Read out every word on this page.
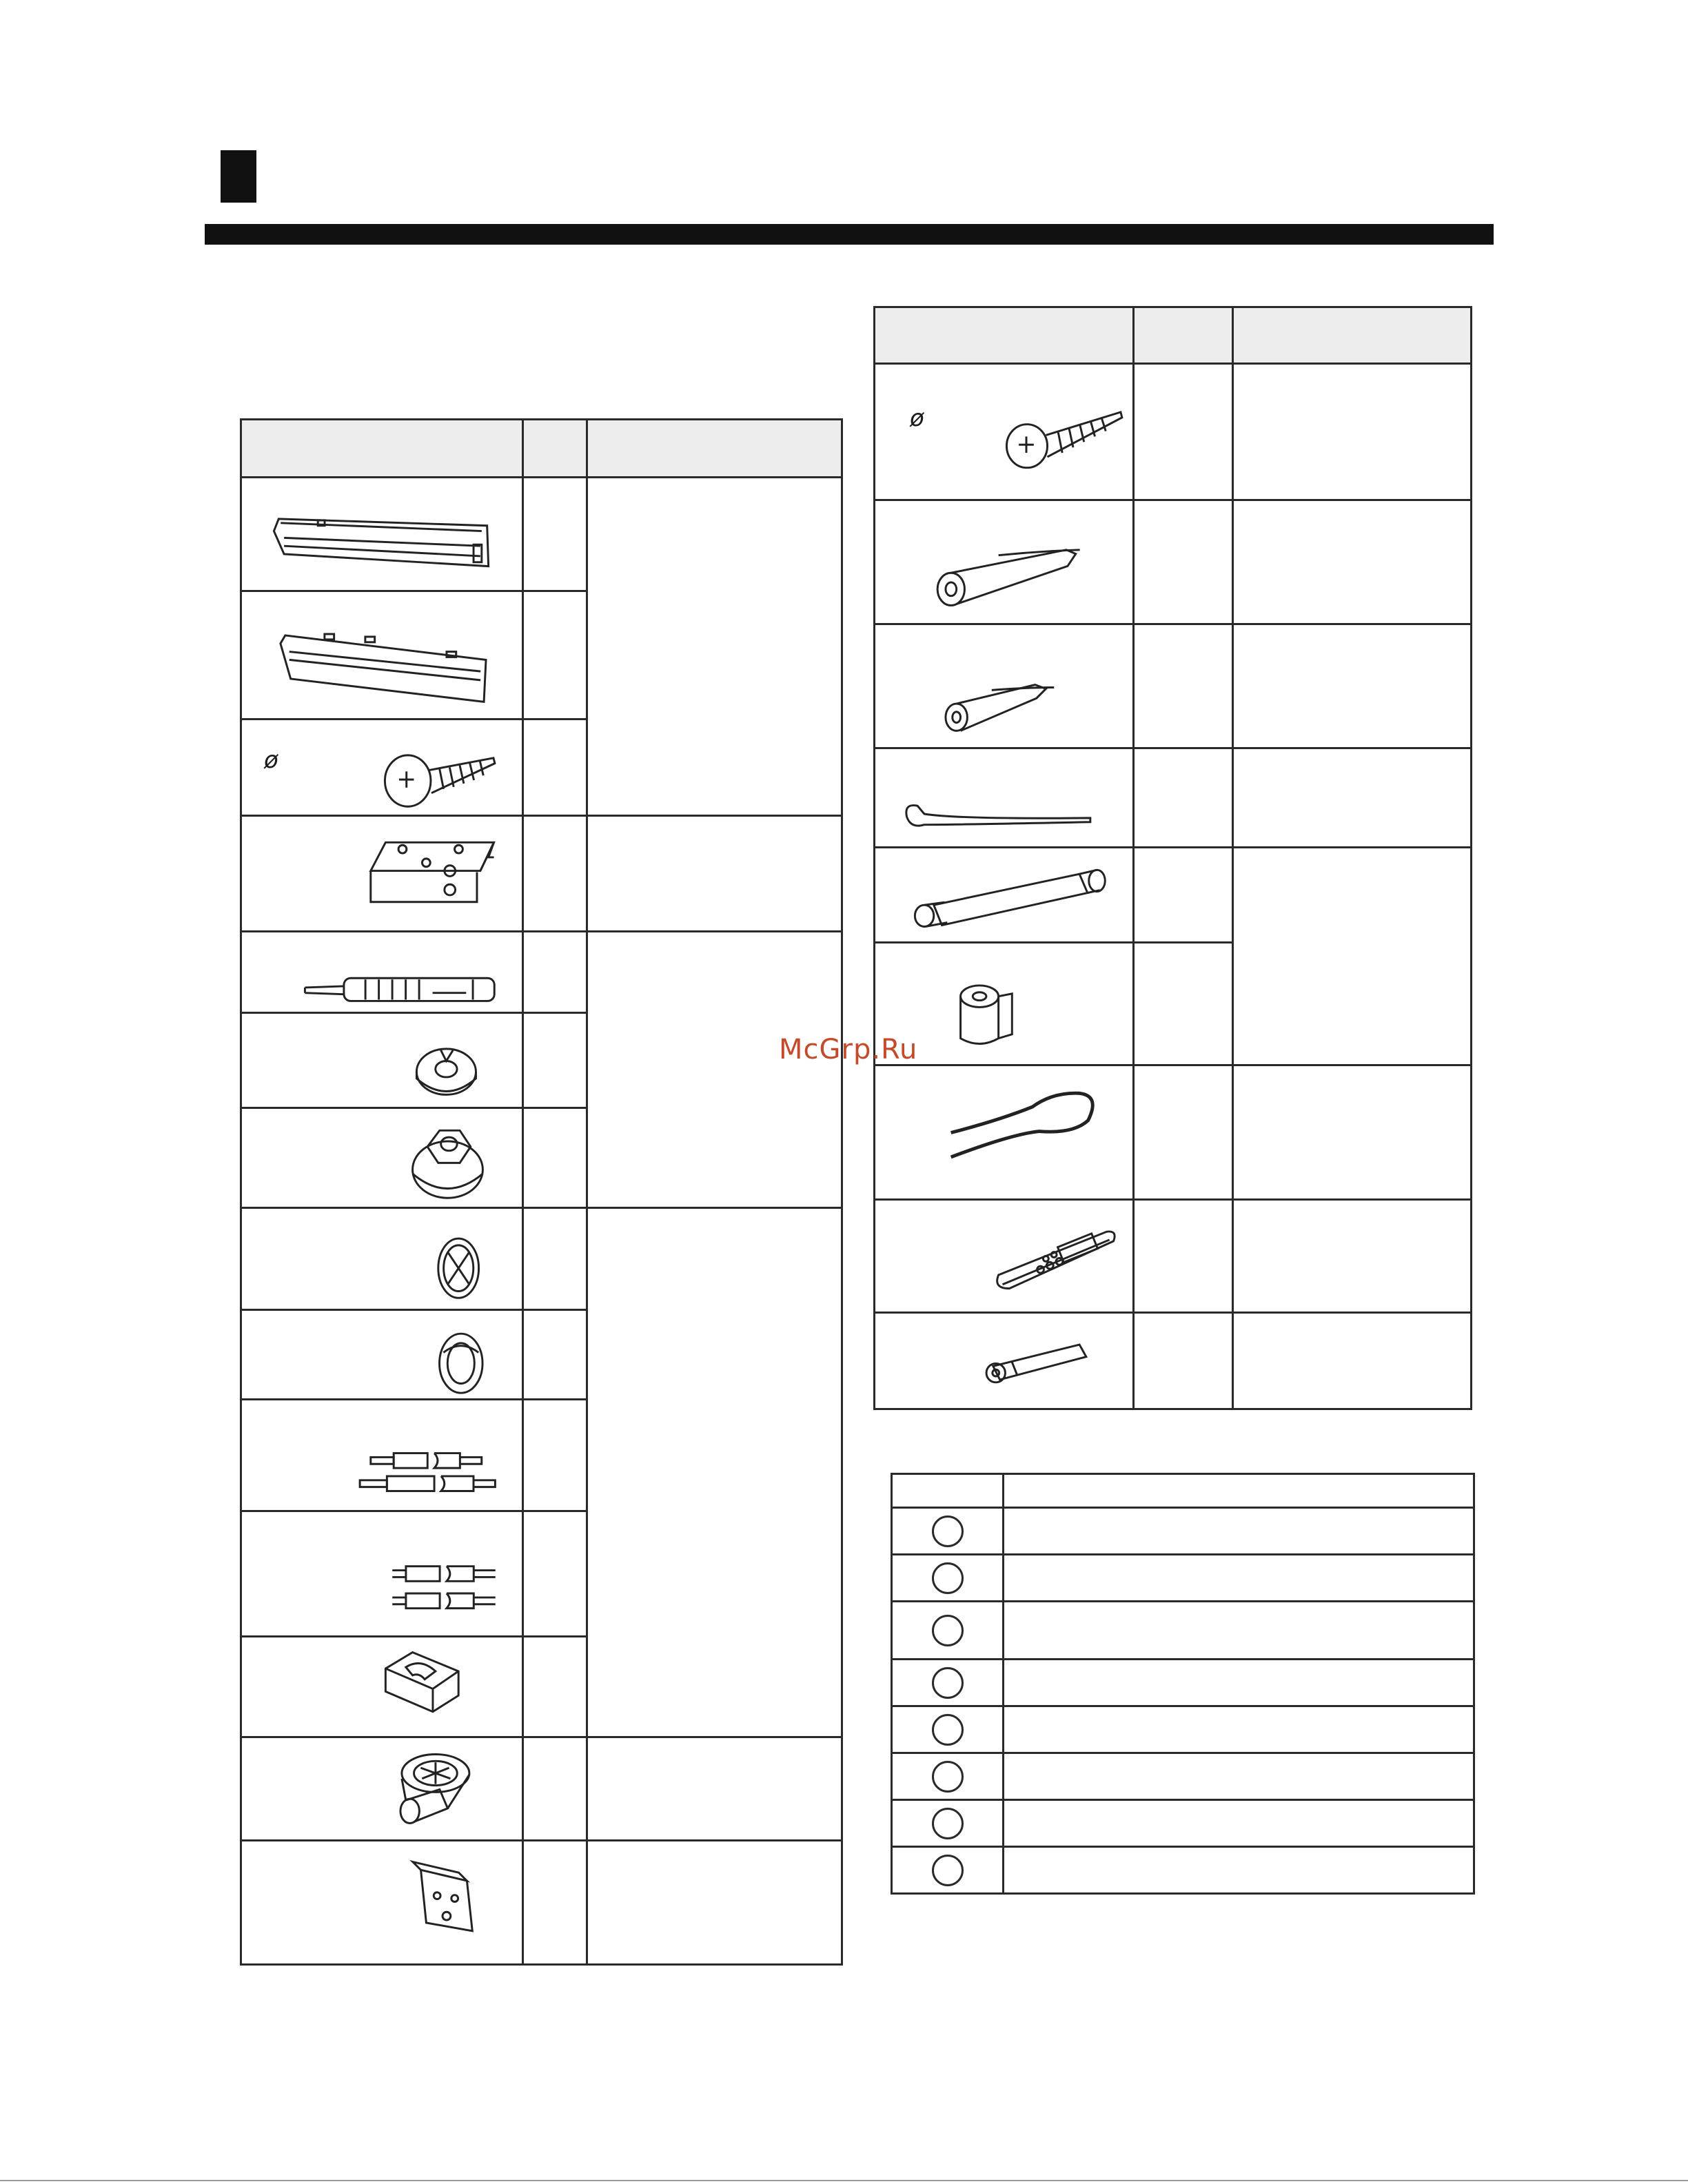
ø		

ø		

McGrp.Ru
